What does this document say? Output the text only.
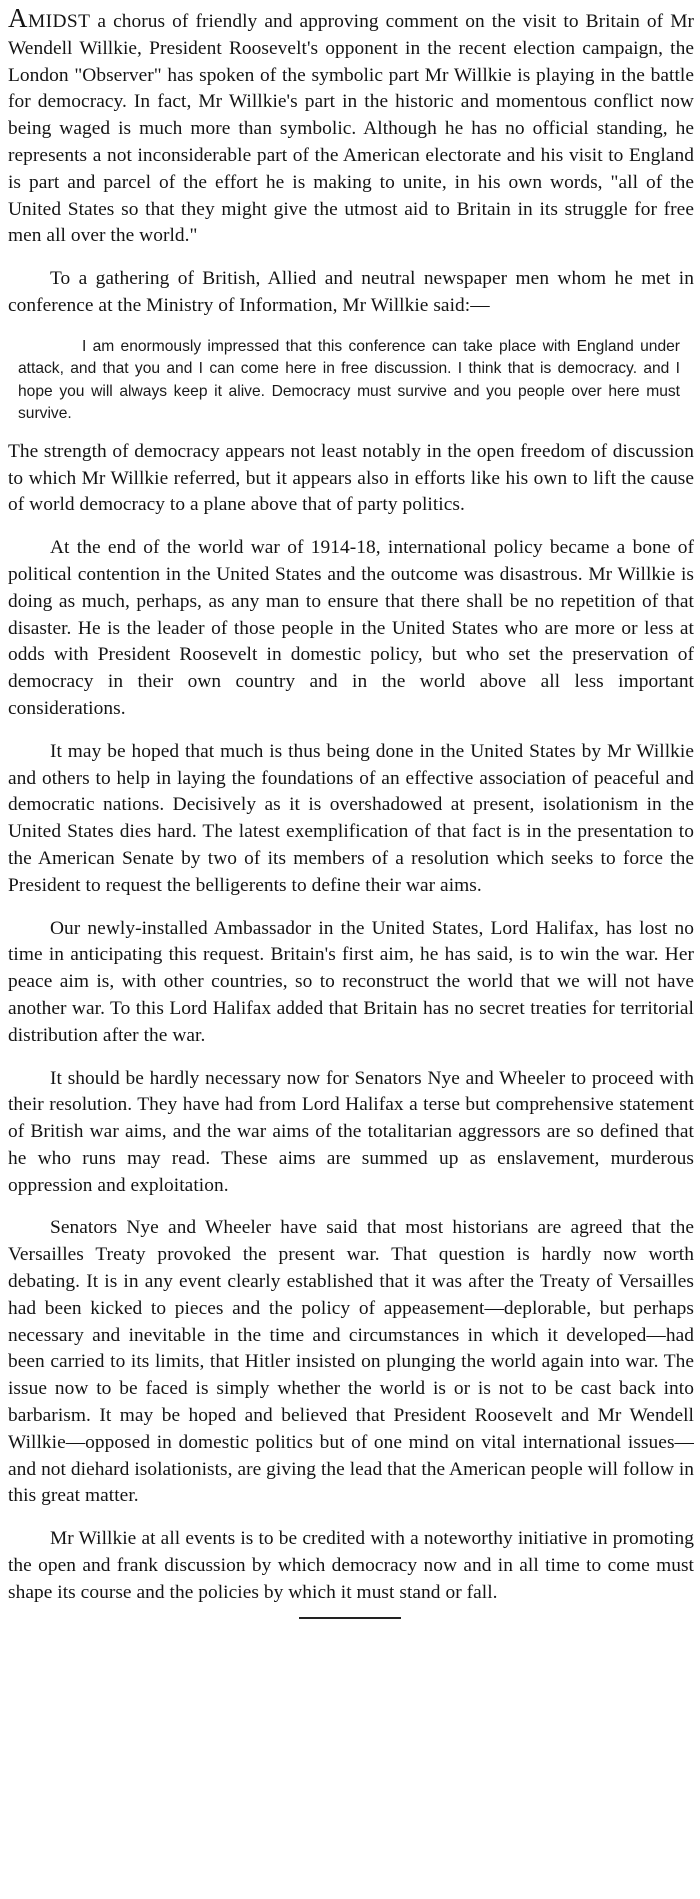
AMIDST a chorus of friendly and approving comment on the visit to Britain of Mr Wendell Willkie, President Roosevelt's opponent in the recent election campaign, the London "Observer" has spoken of the symbolic part Mr Willkie is playing in the battle for democracy. In fact, Mr Willkie's part in the historic and momentous conflict now being waged is much more than symbolic. Although he has no official standing, he represents a not inconsiderable part of the American electorate and his visit to England is part and parcel of the effort he is making to unite, in his own words, "all of the United States so that they might give the utmost aid to Britain in its struggle for free men all over the world."

To a gathering of British, Allied and neutral newspaper men whom he met in conference at the Ministry of Information, Mr Willkie said:—

I am enormously impressed that this conference can take place with England under attack, and that you and I can come here in free discussion. I think that is democracy. and I hope you will always keep it alive. Democracy must survive and you people over here must survive.

The strength of democracy appears not least notably in the open freedom of discussion to which Mr Willkie referred, but it appears also in efforts like his own to lift the cause of world democracy to a plane above that of party politics.

At the end of the world war of 1914-18, international policy became a bone of political contention in the United States and the outcome was disastrous. Mr Willkie is doing as much, perhaps, as any man to ensure that there shall be no repetition of that disaster. He is the leader of those people in the United States who are more or less at odds with President Roosevelt in domestic policy, but who set the preservation of democracy in their own country and in the world above all less important considerations.

It may be hoped that much is thus being done in the United States by Mr Willkie and others to help in laying the foundations of an effective association of peaceful and democratic nations. Decisively as it is overshadowed at present, isolationism in the United States dies hard. The latest exemplification of that fact is in the presentation to the American Senate by two of its members of a resolution which seeks to force the President to request the belligerents to define their war aims.

Our newly-installed Ambassador in the United States, Lord Halifax, has lost no time in anticipating this request. Britain's first aim, he has said, is to win the war. Her peace aim is, with other countries, so to reconstruct the world that we will not have another war. To this Lord Halifax added that Britain has no secret treaties for territorial distribution after the war.

It should be hardly necessary now for Senators Nye and Wheeler to proceed with their resolution. They have had from Lord Halifax a terse but comprehensive statement of British war aims, and the war aims of the totalitarian aggressors are so defined that he who runs may read. These aims are summed up as enslavement, murderous oppression and exploitation.

Senators Nye and Wheeler have said that most historians are agreed that the Versailles Treaty provoked the present war. That question is hardly now worth debating. It is in any event clearly established that it was after the Treaty of Versailles had been kicked to pieces and the policy of appeasement—deplorable, but perhaps necessary and inevitable in the time and circumstances in which it developed—had been carried to its limits, that Hitler insisted on plunging the world again into war. The issue now to be faced is simply whether the world is or is not to be cast back into barbarism. It may be hoped and believed that President Roosevelt and Mr Wendell Willkie—opposed in domestic politics but of one mind on vital international issues—and not diehard isolationists, are giving the lead that the American people will follow in this great matter.

Mr Willkie at all events is to be credited with a noteworthy initiative in promoting the open and frank discussion by which democracy now and in all time to come must shape its course and the policies by which it must stand or fall.
